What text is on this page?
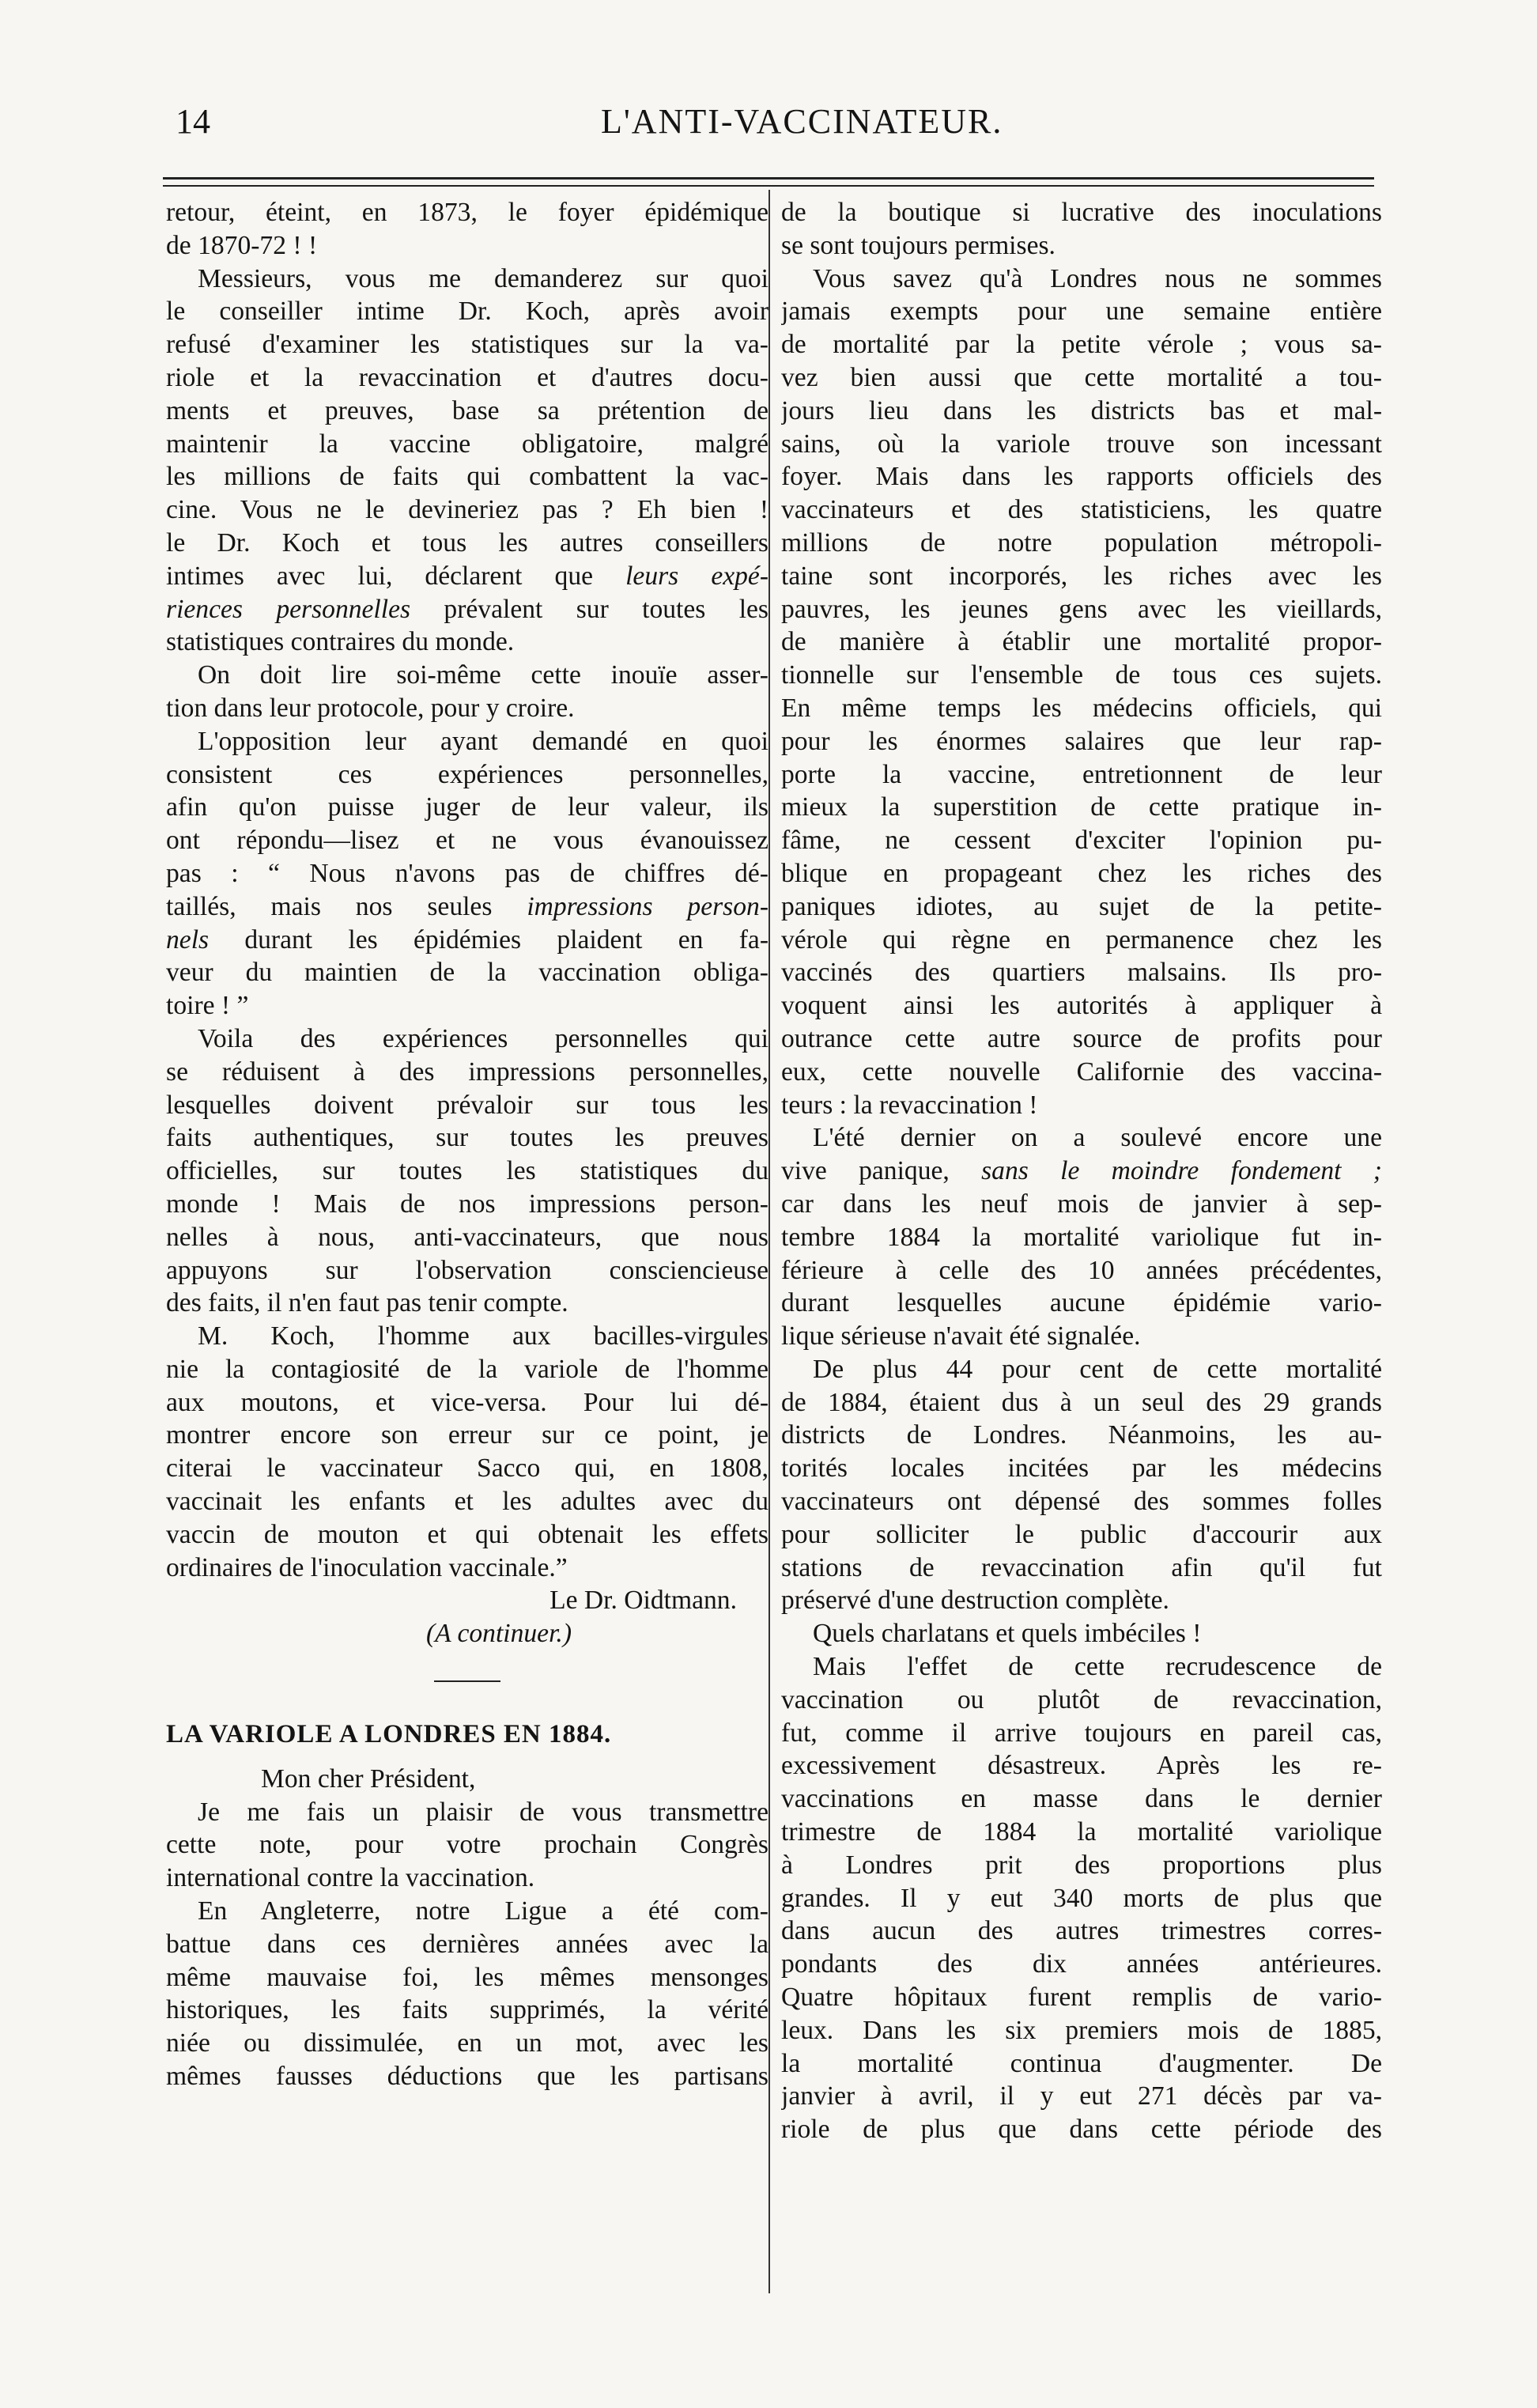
14	L'ANTI-VACCINATEUR.
retour, éteint, en 1873, le foyer épidémique
de 1870-72 ! !
Messieurs, vous me demanderez sur quoi
le conseiller intime Dr. Koch, après avoir
refusé d'examiner les statistiques sur la va-
riole et la revaccination et d'autres docu-
ments et preuves, base sa prétention de
maintenir la vaccine obligatoire, malgré
les millions de faits qui combattent la vac-
cine. Vous ne le devineriez pas ? Eh bien !
le Dr. Koch et tous les autres conseillers
intimes avec lui, déclarent que leurs expé-
riences personnelles prévalent sur toutes les
statistiques contraires du monde.
On doit lire soi-même cette inouïe asser-
tion dans leur protocole, pour y croire.
L'opposition leur ayant demandé en quoi
consistent ces expériences personnelles,
afin qu'on puisse juger de leur valeur, ils
ont répondu—lisez et ne vous évanouissez
pas : “ Nous n'avons pas de chiffres dé-
taillés, mais nos seules impressions person-
nels durant les épidémies plaident en fa-
veur du maintien de la vaccination obliga-
toire ! ”
Voila des expériences personnelles qui
se réduisent à des impressions personnelles,
lesquelles doivent prévaloir sur tous les
faits authentiques, sur toutes les preuves
officielles, sur toutes les statistiques du
monde ! Mais de nos impressions person-
nelles à nous, anti-vaccinateurs, que nous
appuyons sur l'observation consciencieuse
des faits, il n'en faut pas tenir compte.
M. Koch, l'homme aux bacilles-virgules
nie la contagiosité de la variole de l'homme
aux moutons, et vice-versa. Pour lui dé-
montrer encore son erreur sur ce point, je
citerai le vaccinateur Sacco qui, en 1808,
vaccinait les enfants et les adultes avec du
vaccin de mouton et qui obtenait les effets
ordinaires de l'inoculation vaccinale.”

Le Dr. Oidtmann.

(A continuer.)

LA VARIOLE A LONDRES EN 1884.

Mon cher Président,

Je me fais un plaisir de vous transmettre
cette note, pour votre prochain Congrès
international contre la vaccination.
En Angleterre, notre Ligue a été com-
battue dans ces dernières années avec la
même mauvaise foi, les mêmes mensonges
historiques, les faits supprimés, la vérité
niée ou dissimulée, en un mot, avec les
mêmes fausses déductions que les partisans
de la boutique si lucrative des inoculations
se sont toujours permises.
Vous savez qu'à Londres nous ne sommes
jamais exempts pour une semaine entière
de mortalité par la petite vérole ; vous sa-
vez bien aussi que cette mortalité a tou-
jours lieu dans les districts bas et mal-
sains, où la variole trouve son incessant
foyer. Mais dans les rapports officiels des
vaccinateurs et des statisticiens, les quatre
millions de notre population métropoli-
taine sont incorporés, les riches avec les
pauvres, les jeunes gens avec les vieillards,
de manière à établir une mortalité propor-
tionnelle sur l'ensemble de tous ces sujets.
En même temps les médecins officiels, qui
pour les énormes salaires que leur rap-
porte la vaccine, entretionnent de leur
mieux la superstition de cette pratique in-
fâme, ne cessent d'exciter l'opinion pu-
blique en propageant chez les riches des
paniques idiotes, au sujet de la petite-
vérole qui règne en permanence chez les
vaccinés des quartiers malsains. Ils pro-
voquent ainsi les autorités à appliquer à
outrance cette autre source de profits pour
eux, cette nouvelle Californie des vaccina-
teurs : la revaccination !
L'été dernier on a soulevé encore une
vive panique, sans le moindre fondement ;
car dans les neuf mois de janvier à sep-
tembre 1884 la mortalité variolique fut in-
férieure à celle des 10 années précédentes,
durant lesquelles aucune épidémie vario-
lique sérieuse n'avait été signalée.
De plus 44 pour cent de cette mortalité
de 1884, étaient dus à un seul des 29 grands
districts de Londres. Néanmoins, les au-
torités locales incitées par les médecins
vaccinateurs ont dépensé des sommes folles
pour solliciter le public d'accourir aux
stations de revaccination afin qu'il fut
préservé d'une destruction complète.
Quels charlatans et quels imbéciles !
Mais l'effet de cette recrudescence de
vaccination ou plutôt de revaccination,
fut, comme il arrive toujours en pareil cas,
excessivement désastreux. Après les re-
vaccinations en masse dans le dernier
trimestre de 1884 la mortalité variolique
à Londres prit des proportions plus
grandes. Il y eut 340 morts de plus que
dans aucun des autres trimestres corres-
pondants des dix années antérieures.
Quatre hôpitaux furent remplis de vario-
leux. Dans les six premiers mois de 1885,
la mortalité continua d'augmenter. De
janvier à avril, il y eut 271 décès par va-
riole de plus que dans cette période des
